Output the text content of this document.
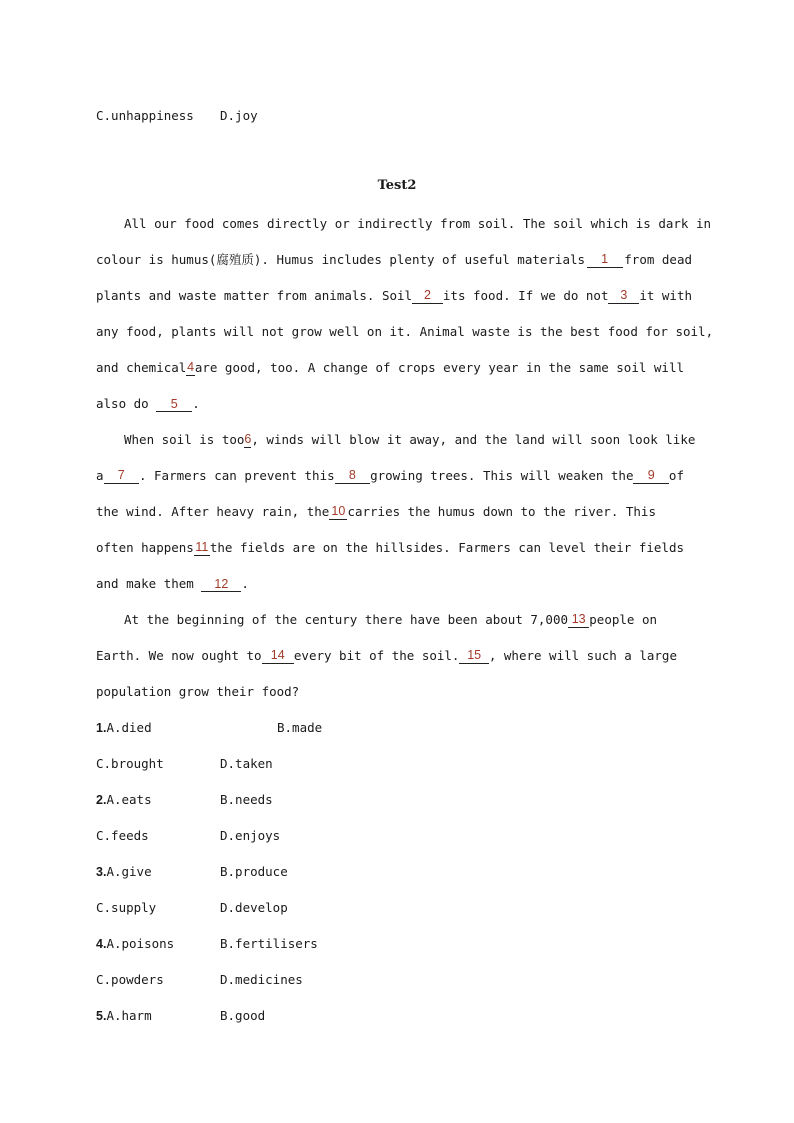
C.unhappiness D.joy
Test2
All our food comes directly or indirectly from soil. The soil which is dark in
colour is humus(腐殖质). Humus includes plenty of useful materials	1	from dead
plants and waste matter from animals. Soil 2 its food. If we do not 3 it with
any food, plants will not grow well on it. Animal waste is the best food for soil,
and chemical 4 are good, too. A change of crops every year in the same soil will
also do 5 .
When soil is too 6 , winds will blow it away, and the land will soon look like
a	7	. Farmers can prevent this	8	growing trees. This will weaken the	9	of
the wind. After heavy rain, the 10 carries the humus down to the river. This
often happens 11 the fields are on the hillsides. Farmers can level their fields
and make them 12 .
At the beginning of the century there have been about 7,000 13 people on
Earth. We now ought to 14 every bit of the soil. 15 , where will such a large
population grow their food?
1.A.died	B.made
C.brought	D.taken
2.A.eats	B.needs
C.feeds	D.enjoys
3.A.give	B.produce
C.supply	D.develop
4.A.poisons	B.fertilisers
C.powders	D.medicines
5.A.harm	B.good
